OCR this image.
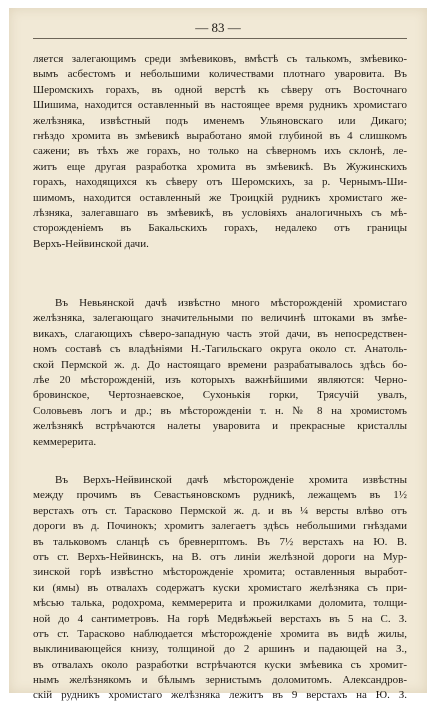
— 83 —
ляется залегающимъ среди змѣевиковъ, вмѣстѣ съ талькомъ, змѣевико-
вымъ асбестомъ и небольшими количествами плотнаго уваровита. Въ
Шеромскихъ горахъ, въ одной верстѣ къ сѣверу отъ Восточнаго
Шишима, находится оставленный въ настоящее время рудникъ хромистаго
желѣзняка, извѣстный подъ именемъ Ульяновскаго или Дикаго;
гнѣздо хромита въ змѣевикѣ выработано ямой глубиной въ 4 слишкомъ
сажени; въ тѣхъ же горахъ, но только на сѣверномъ ихъ склонѣ, ле-
житъ еще другая разработка хромита въ змѣевикѣ. Въ Жужинскихъ
горахъ, находящихся къ сѣверу отъ Шеромскихъ, за р. Чернымъ-Ши-
шимомъ, находится оставленный же Троицкій рудникъ хромистаго же-
лѣзняка, залегавшаго въ змѣевикѣ, въ условіяхъ аналогичныхъ съ мѣ-
сторожденіемъ въ Бакальскихъ горахъ, недалеко отъ границы
Верхъ-Нейвинской дачи.
Въ Невьянской дачѣ извѣстно много мѣсторожденій хромистаго
желѣзняка, залегающаго значительными по величинѣ штоками въ змѣе-
викахъ, слагающихъ сѣверо-западную часть этой дачи, въ непосредствен-
номъ составѣ съ владѣніями Н.-Тагильскаго округа около ст. Анатоль-
ской Пермской ж. д. До настоящаго времени разрабатывалось здѣсь бо-
лѣе 20 мѣсторожденій, изъ которыхъ важнѣйшими являются: Черно-
бровинское, Чертознаевское, Сухонькія горки, Трясучій увалъ,
Соловьевъ логъ и др.; въ мѣсторожденіи т. н. № 8 на хромистомъ
желѣзнякѣ встрѣчаются налеты уваровита и прекрасные кристаллы
кеммерерита.
Въ Верхъ-Нейвинской дачѣ мѣсторожденіе хромита извѣстны
между прочимъ въ Севастьяновскомъ рудникѣ, лежащемъ въ 1½
верстахъ отъ ст. Тарасково Пермской ж. д. и въ ¼ версты влѣво отъ
дороги въ д. Починокъ; хромитъ залегаетъ здѣсь небольшими гнѣздами
въ тальковомъ сланцѣ съ бревнерптомъ. Въ 7½ верстахъ на Ю. В.
отъ ст. Верхъ-Нейвинскъ, на В. отъ линіи желѣзной дороги на Мур-
зинской горѣ извѣстно мѣсторожденіе хромита; оставленныя выработ-
ки (ямы) въ отвалахъ содержатъ куски хромистаго желѣзняка съ при-
мѣсью талька, родохрома, кеммерерита и прожилками доломита, толщи-
ной до 4 сантиметровъ. На горѣ Медвѣжьей верстахъ въ 5 на С. З.
отъ ст. Тарасково наблюдается мѣсторожденіе хромита въ видѣ жилы,
выклинивающейся книзу, толщиной до 2 аршинъ и падающей на З.,
въ отвалахъ около разработки встрѣчаются куски змѣевика съ хромит-
нымъ желѣзнякомъ и бѣлымъ зернистымъ доломитомъ. Александров-
скій рудникъ хромистаго желѣзняка лежитъ въ 9 верстахъ на Ю. З.
